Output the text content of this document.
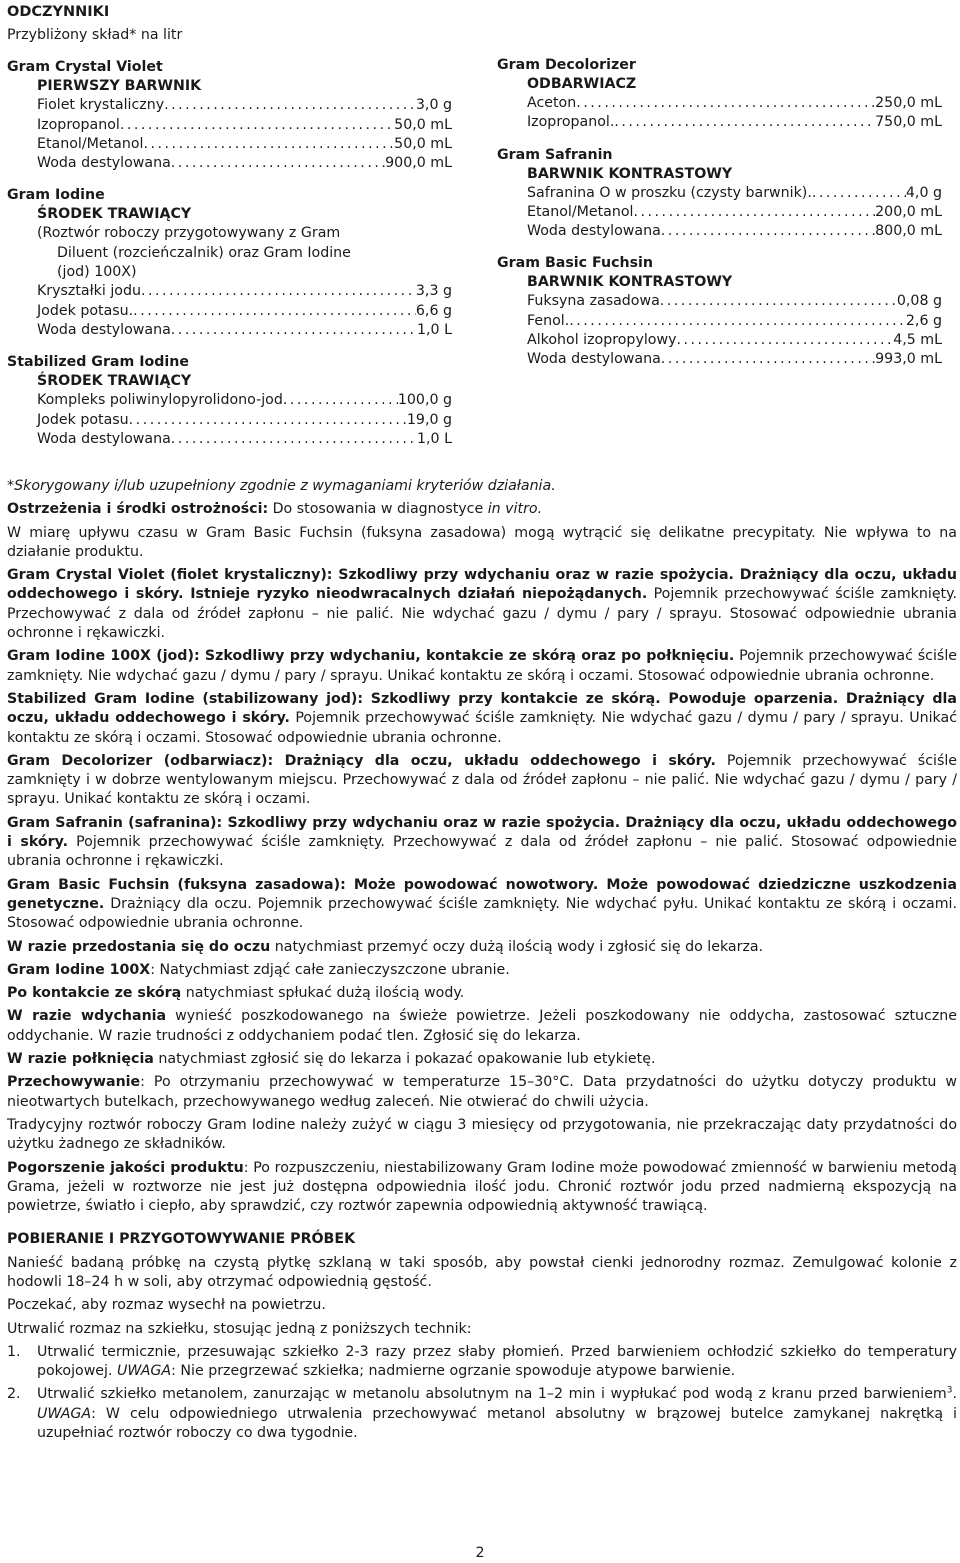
ODCZYNNIKI
Przybliżony skład* na litr
Gram Crystal Violet
PIERWSZY BARWNIK
Fiolet krystaliczny . . .	3,0 g
Izopropanol . . .	50,0 mL
Etanol/Metanol . . .	50,0 mL
Woda destylowana . . .	900,0 mL
Gram Iodine
ŚRODEK TRAWIĄCY
(Roztwór roboczy przygotowywany z Gram
Diluent (rozcieńczalnik) oraz Gram Iodine
(jod) 100X)
Kryształki jodu . . .	3,3 g
Jodek potasu. . . .	6,6 g
Woda destylowana . . .	1,0 L
Stabilized Gram Iodine
ŚRODEK TRAWIĄCY
Kompleks poliwinylopyrolidono-jod . . .	100,0 g
Jodek potasu . . .	19,0 g
Woda destylowana . . .	1,0 L
Gram Decolorizer
ODBARWIACZ
Aceton . . .	250,0 mL
Izopropanol. . . .	750,0 mL
Gram Safranin
BARWNIK KONTRASTOWY
Safranina O w proszku (czysty barwnik). . . .	4,0 g
Etanol/Metanol . . .	200,0 mL
Woda destylowana . . .	800,0 mL
Gram Basic Fuchsin
BARWNIK KONTRASTOWY
Fuksyna zasadowa . . .	0,08 g
Fenol. . . .	2,6 g
Alkohol izopropylowy . . .	4,5 mL
Woda destylowana . . .	993,0 mL

*Skorygowany i/lub uzupełniony zgodnie z wymaganiami kryteriów działania.

Ostrzeżenia i środki ostrożności: Do stosowania w diagnostyce in vitro.

W miarę upływu czasu w Gram Basic Fuchsin (fuksyna zasadowa) mogą wytrącić się delikatne precypitaty. Nie wpływa to na działanie produktu.

Gram Crystal Violet (fiolet krystaliczny): Szkodliwy przy wdychaniu oraz w razie spożycia. Drażniący dla oczu, układu oddechowego i skóry. Istnieje ryzyko nieodwracalnych działań niepożądanych. Pojemnik przechowywać ściśle zamknięty. Przechowywać z dala od źródeł zapłonu – nie palić. Nie wdychać gazu / dymu / pary / sprayu. Stosować odpowiednie ubrania ochronne i rękawiczki.

Gram Iodine 100X (jod): Szkodliwy przy wdychaniu, kontakcie ze skórą oraz po połknięciu. Pojemnik przechowywać ściśle zamknięty. Nie wdychać gazu / dymu / pary / sprayu. Unikać kontaktu ze skórą i oczami. Stosować odpowiednie ubrania ochronne.

Stabilized Gram Iodine (stabilizowany jod): Szkodliwy przy kontakcie ze skórą. Powoduje oparzenia. Drażniący dla oczu, układu oddechowego i skóry. Pojemnik przechowywać ściśle zamknięty. Nie wdychać gazu / dymu / pary / sprayu. Unikać kontaktu ze skórą i oczami. Stosować odpowiednie ubrania ochronne.

Gram Decolorizer (odbarwiacz): Drażniący dla oczu, układu oddechowego i skóry. Pojemnik przechowywać ściśle zamknięty i w dobrze wentylowanym miejscu. Przechowywać z dala od źródeł zapłonu – nie palić. Nie wdychać gazu / dymu / pary / sprayu. Unikać kontaktu ze skórą i oczami.

Gram Safranin (safranina): Szkodliwy przy wdychaniu oraz w razie spożycia. Drażniący dla oczu, układu oddechowego i skóry. Pojemnik przechowywać ściśle zamknięty. Przechowywać z dala od źródeł zapłonu – nie palić. Stosować odpowiednie ubrania ochronne i rękawiczki.

Gram Basic Fuchsin (fuksyna zasadowa): Może powodować nowotwory. Może powodować dziedziczne uszkodzenia genetyczne. Drażniący dla oczu. Pojemnik przechowywać ściśle zamknięty. Nie wdychać pyłu. Unikać kontaktu ze skórą i oczami. Stosować odpowiednie ubrania ochronne.

W razie przedostania się do oczu natychmiast przemyć oczy dużą ilością wody i zgłosić się do lekarza.

Gram Iodine 100X: Natychmiast zdjąć całe zanieczyszczone ubranie.

Po kontakcie ze skórą natychmiast spłukać dużą ilością wody.

W razie wdychania wynieść poszkodowanego na świeże powietrze. Jeżeli poszkodowany nie oddycha, zastosować sztuczne oddychanie. W razie trudności z oddychaniem podać tlen. Zgłosić się do lekarza.

W razie połknięcia natychmiast zgłosić się do lekarza i pokazać opakowanie lub etykietę.

Przechowywanie: Po otrzymaniu przechowywać w temperaturze 15–30°C. Data przydatności do użytku dotyczy produktu w nieotwartych butelkach, przechowywanego według zaleceń. Nie otwierać do chwili użycia.

Tradycyjny roztwór roboczy Gram Iodine należy zużyć w ciągu 3 miesięcy od przygotowania, nie przekraczając daty przydatności do użytku żadnego ze składników.

Pogorszenie jakości produktu: Po rozpuszczeniu, niestabilizowany Gram Iodine może powodować zmienność w barwieniu metodą Grama, jeżeli w roztworze nie jest już dostępna odpowiednia ilość jodu. Chronić roztwór jodu przed nadmierną ekspozycją na powietrze, światło i ciepło, aby sprawdzić, czy roztwór zapewnia odpowiednią aktywność trawiącą.

POBIERANIE I PRZYGOTOWYWANIE PRÓBEK

Nanieść badaną próbkę na czystą płytkę szklaną w taki sposób, aby powstał cienki jednorodny rozmaz. Zemulgować kolonie z hodowli 18–24 h w soli, aby otrzymać odpowiednią gęstość.

Poczekać, aby rozmaz wysechł na powietrzu.

Utrwalić rozmaz na szkiełku, stosując jedną z poniższych technik:

1. Utrwalić termicznie, przesuwając szkiełko 2-3 razy przez słaby płomień. Przed barwieniem ochłodzić szkiełko do temperatury pokojowej. UWAGA: Nie przegrzewać szkiełka; nadmierne ogrzanie spowoduje atypowe barwienie.
2. Utrwalić szkiełko metanolem, zanurzając w metanolu absolutnym na 1–2 min i wypłukać pod wodą z kranu przed barwieniem$^3$. UWAGA: W celu odpowiedniego utrwalenia przechowywać metanol absolutny w brązowej butelce zamykanej nakrętką i uzupełniać roztwór roboczy co dwa tygodnie.
2
